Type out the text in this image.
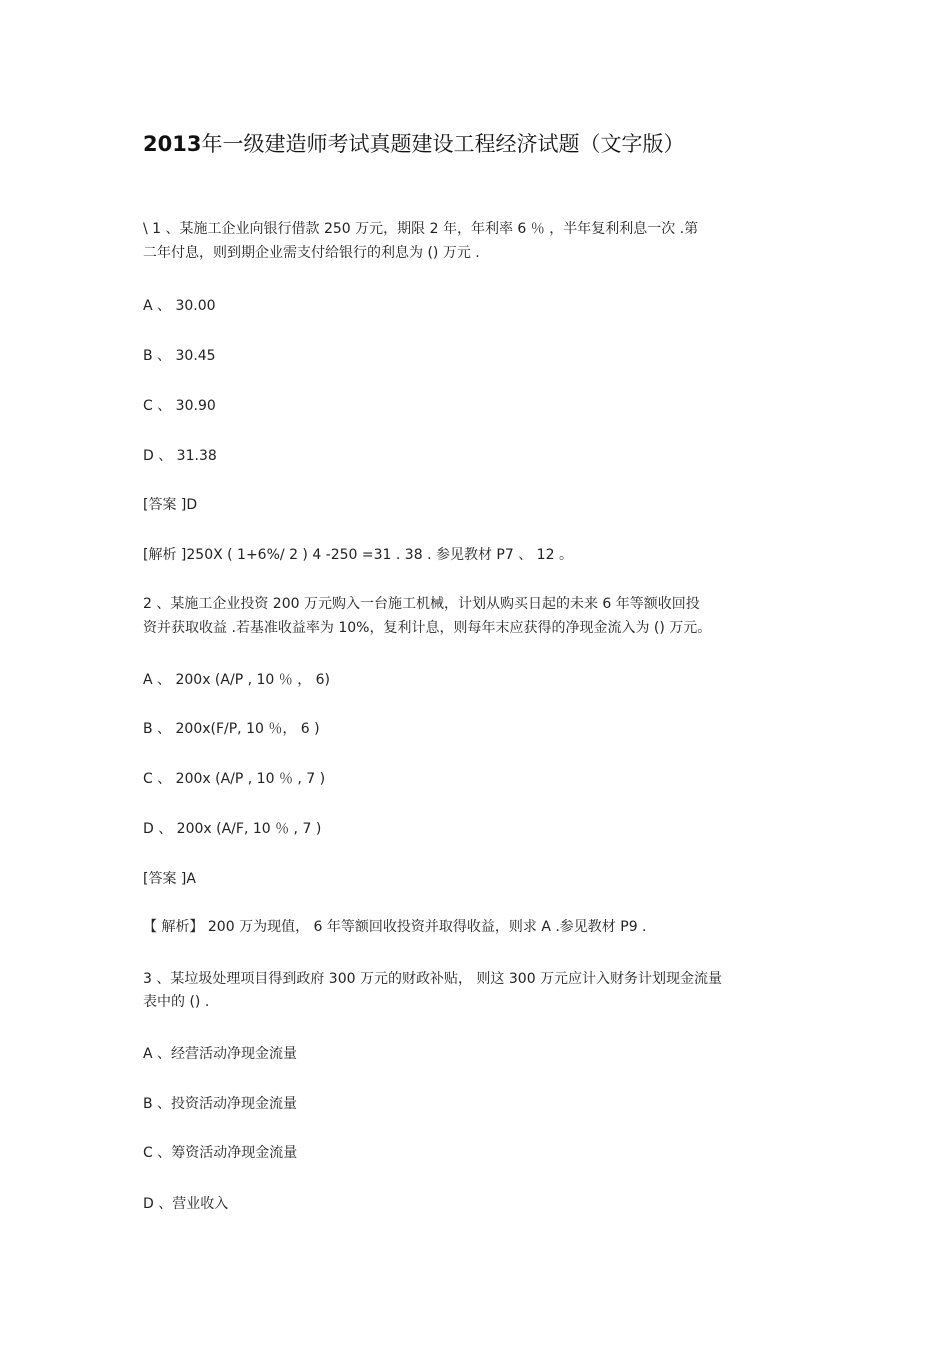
2013年一级建造师考试真题建设工程经济试题（文字版）
\ 1 、某施工企业向银行借款 250 万元，期限 2 年，年利率 6 ％ ，半年复利利息一次 .第
二年付息，则到期企业需支付给银行的利息为 () 万元 .
A 、 30.00
B 、 30.45
C 、 30.90
D 、 31.38
[答案 ]D
[解析 ]250X ( 1+6%/ 2 ) 4 -250 =31 . 38 . 参见教材 P7 、 12 。
2 、某施工企业投资 200 万元购入一台施工机械，计划从购买日起的未来 6 年等额收回投
资并获取收益 .若基准收益率为 10%，复利计息，则每年末应获得的净现金流入为 () 万元。
A 、 200x (A/P , 10 ％ ， 6)
B 、 200x(F/P, 10 ％， 6 )
C 、 200x (A/P , 10 ％ , 7 )
D 、 200x (A/F, 10 ％ , 7 )
[答案 ]A
【 解析】 200 万为现值， 6 年等额回收投资并取得收益，则求 A .参见教材 P9 .
3 、某垃圾处理项目得到政府 300 万元的财政补贴， 则这 300 万元应计入财务计划现金流量
表中的 () .
A 、经营活动净现金流量
B 、投资活动净现金流量
C 、筹资活动净现金流量
D 、营业收入
